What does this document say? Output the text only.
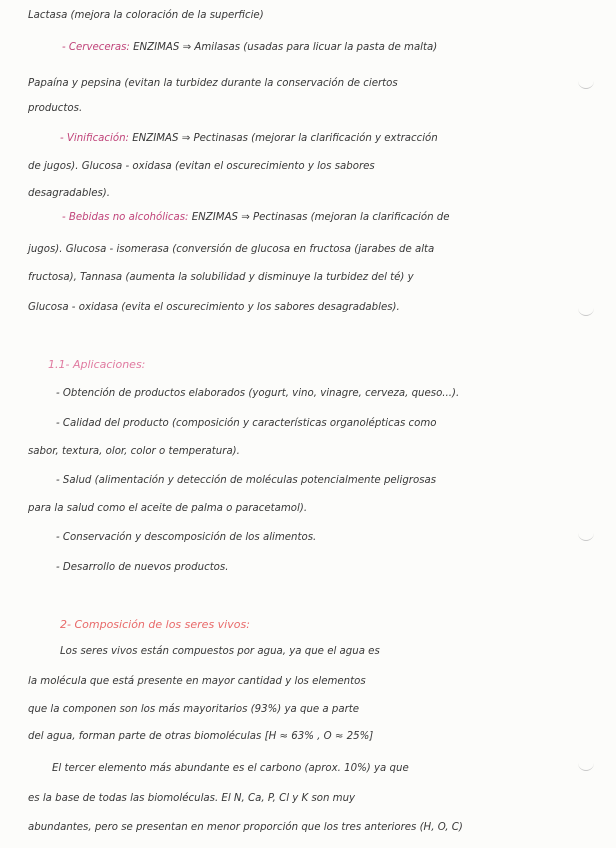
Lactasa (mejora la coloración de la superficie)
- Cerveceras: ENZIMAS ⇒ Amilasas (usadas para licuar la pasta de malta)
Papaína y pepsina (evitan la turbidez durante la conservación de ciertos
productos.
- Vinificación: ENZIMAS ⇒ Pectinasas (mejorar la clarificación y extracción
de jugos). Glucosa - oxidasa (evitan el oscurecimiento y los sabores
desagradables).
- Bebidas no alcohólicas: ENZIMAS ⇒ Pectinasas (mejoran la clarificación de
jugos). Glucosa - isomerasa (conversión de glucosa en fructosa (jarabes de alta
fructosa), Tannasa (aumenta la solubilidad y disminuye la turbidez del té) y
Glucosa - oxidasa (evita el oscurecimiento y los sabores desagradables).
1.1- Aplicaciones:
- Obtención de productos elaborados (yogurt, vino, vinagre, cerveza, queso...).
- Calidad del producto (composición y características organolépticas como
sabor, textura, olor, color o temperatura).
- Salud (alimentación y detección de moléculas potencialmente peligrosas
para la salud como el aceite de palma o paracetamol).
- Conservación y descomposición de los alimentos.
- Desarrollo de nuevos productos.
2- Composición de los seres vivos:
Los seres vivos están compuestos por agua, ya que el agua es
la molécula que está presente en mayor cantidad y los elementos
que la componen son los más mayoritarios (93%) ya que a parte
del agua, forman parte de otras biomoléculas [H ≈ 63% , O ≈ 25%]
El tercer elemento más abundante es el carbono (aprox. 10%) ya que
es la base de todas las biomoléculas. El N, Ca, P, Cl y K son muy
abundantes, pero se presentan en menor proporción que los tres anteriores (H, O, C)
